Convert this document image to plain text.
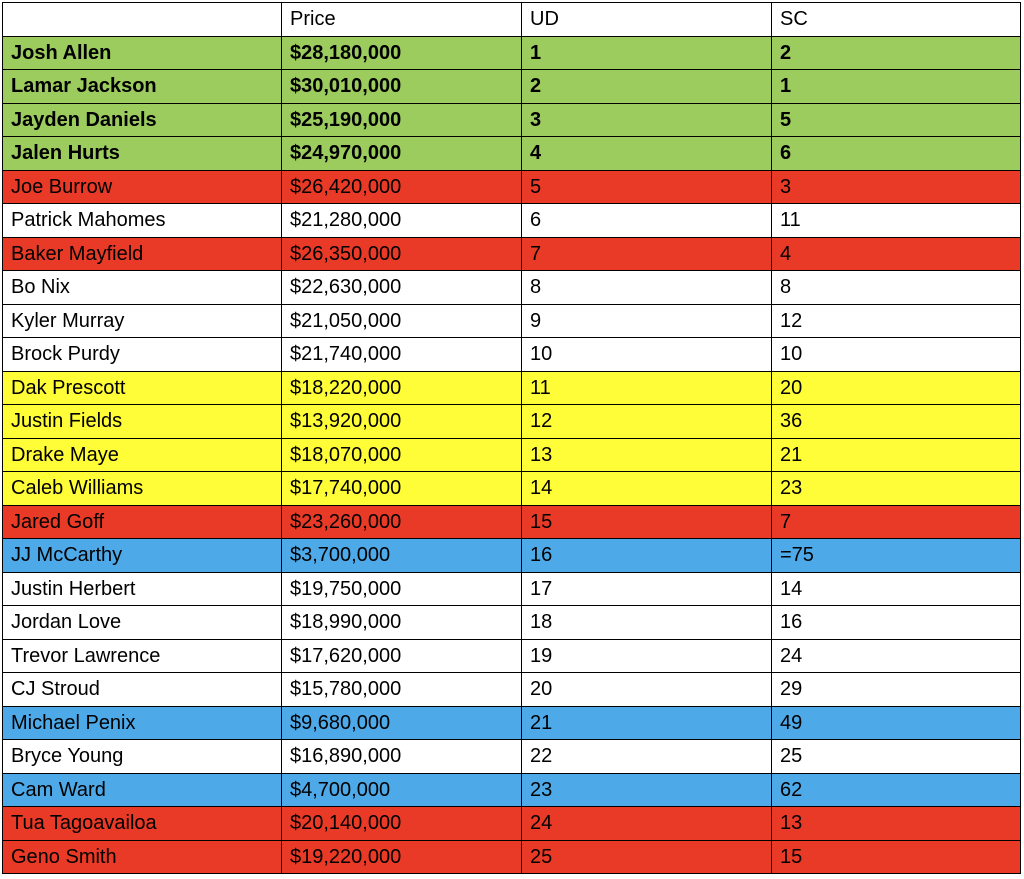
	Price	UD	SC
Josh Allen	$28,180,000	1	2
Lamar Jackson	$30,010,000	2	1
Jayden Daniels	$25,190,000	3	5
Jalen Hurts	$24,970,000	4	6
Joe Burrow	$26,420,000	5	3
Patrick Mahomes	$21,280,000	6	11
Baker Mayfield	$26,350,000	7	4
Bo Nix	$22,630,000	8	8
Kyler Murray	$21,050,000	9	12
Brock Purdy	$21,740,000	10	10
Dak Prescott	$18,220,000	11	20
Justin Fields	$13,920,000	12	36
Drake Maye	$18,070,000	13	21
Caleb Williams	$17,740,000	14	23
Jared Goff	$23,260,000	15	7
JJ McCarthy	$3,700,000	16	=75
Justin Herbert	$19,750,000	17	14
Jordan Love	$18,990,000	18	16
Trevor Lawrence	$17,620,000	19	24
CJ Stroud	$15,780,000	20	29
Michael Penix	$9,680,000	21	49
Bryce Young	$16,890,000	22	25
Cam Ward	$4,700,000	23	62
Tua Tagoavailoa	$20,140,000	24	13
Geno Smith	$19,220,000	25	15
